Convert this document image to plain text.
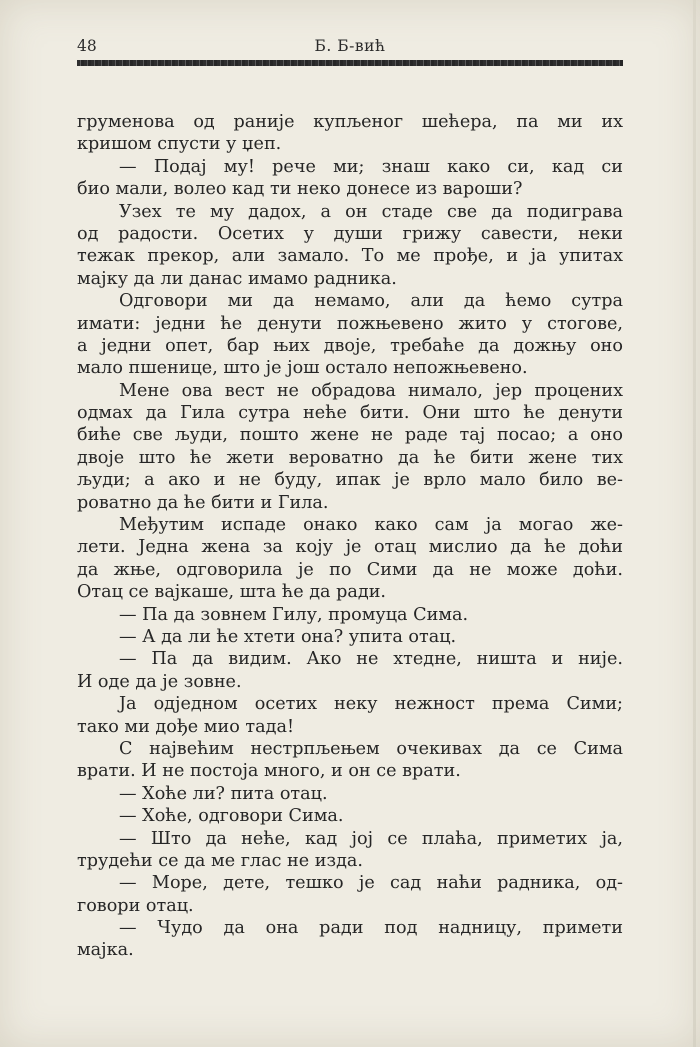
48	Б. Б-вић
груменова од раније купљеног шећера, па ми их
кришом спусти у џеп.
— Подај му! рече ми; знаш како си, кад си
био мали, волео кад ти неко донесе из вароши?
Узех те му дадох, а он стаде све да подиграва
од радости. Осетих у души грижу савести, неки
тежак прекор, али замало. То ме прође, и ја упитах
мајку да ли данас имамо радника.
Одговори ми да немамо, али да ћемо сутра
имати: једни ће денути пожњевено жито у стогове,
а једни опет, бар њих двоје, требаће да дожњу оно
мало пшенице, што је још остало непожњевено.
Мене ова вест не обрадова нимало, јер процених
одмах да Гила сутра неће бити. Они што ће денути
биће све људи, пошто жене не раде тај посао; а оно
двоје што ће жети вероватно да ће бити жене тих
људи; а ако и не буду, ипак је врло мало било ве-
роватно да ће бити и Гила.
Међутим испаде онако како сам ја могао же-
лети. Једна жена за коју је отац мислио да ће доћи
да жње, одговорила је по Сими да не може доћи.
Отац се вајкаше, шта ће да ради.
— Па да зовнем Гилу, промуца Сима.
— А да ли ће хтети она? упита отац.
— Па да видим. Ако не хтедне, ништа и није.
И оде да је зовне.
Ја одједном осетих неку нежност према Сими;
тако ми дође мио тада!
С највећим нестрпљењем очекивах да се Сима
врати. И не постоја много, и он се врати.
— Хоће ли? пита отац.
— Хоће, одговори Сима.
— Што да неће, кад јој се плаћа, приметих ја,
трудећи се да ме глас не изда.
— Море, дете, тешко је сад наћи радника, од-
говори отац.
— Чудо да она ради под надницу, примети
мајка.
